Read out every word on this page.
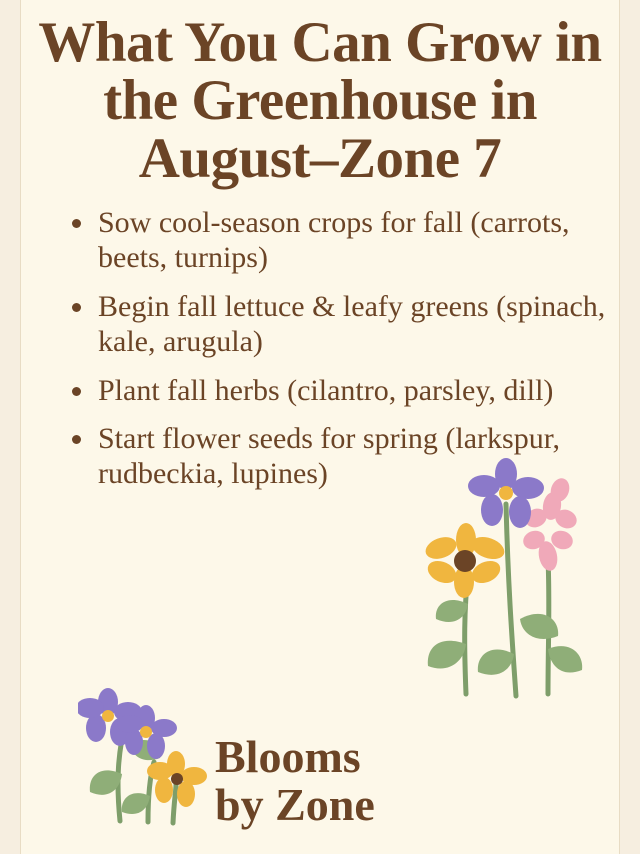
What You Can Grow in the Greenhouse in August–Zone 7
Sow cool-season crops for fall (carrots, beets, turnips)
Begin fall lettuce & leafy greens (spinach, kale, arugula)
Plant fall herbs (cilantro, parsley, dill)
Start flower seeds for spring (larkspur, rudbeckia, lupines)
Blooms
by Zone
